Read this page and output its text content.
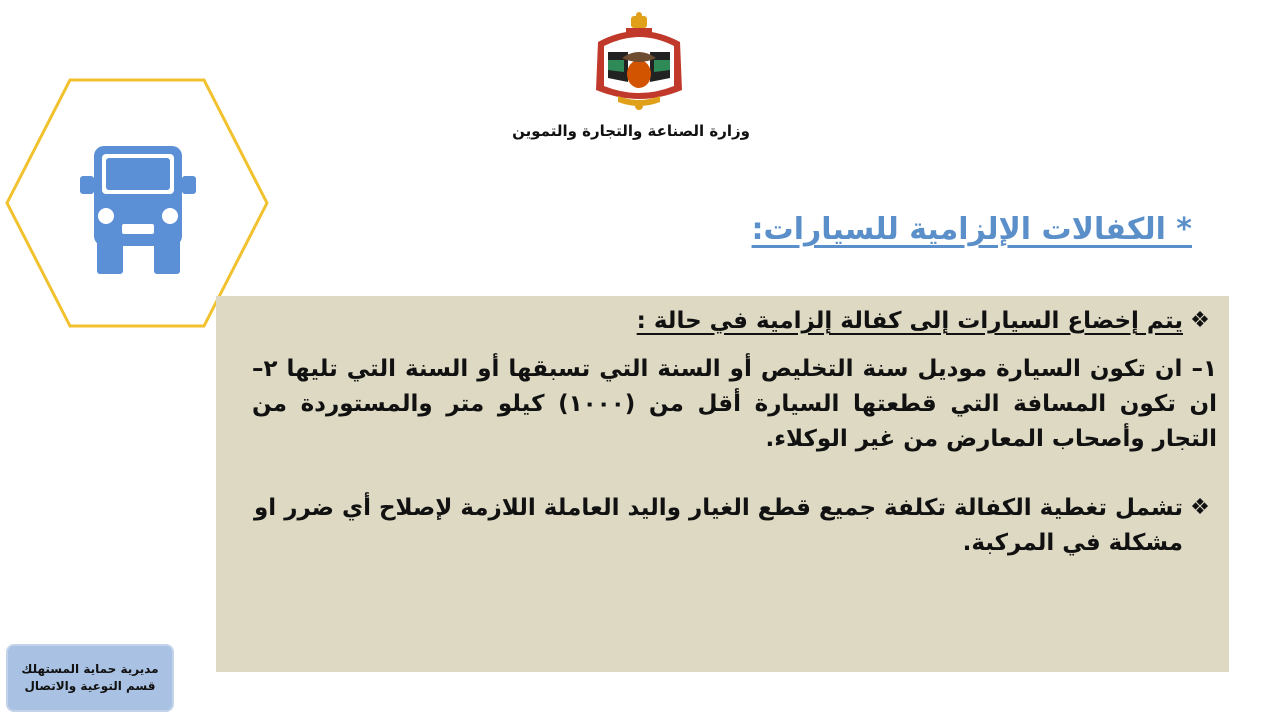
وزارة الصناعة والتجارة والتموين
* الكفالات الإلزامية للسيارات:
❖
يتم إخضاع السيارات إلى كفالة إلزامية في حالة :
١– ان تكون السيارة موديل سنة التخليص أو السنة التي تسبقها أو السنة التي تليها ٢– ان تكون المسافة التي قطعتها السيارة أقل من (١٠٠٠) كيلو متر والمستوردة من التجار وأصحاب المعارض من غير الوكلاء.
❖
تشمل تغطية الكفالة تكلفة جميع قطع الغيار واليد العاملة اللازمة لإصلاح أي ضرر او مشكلة في المركبة.
مديرية حماية المستهلك
قسم التوعية والاتصال
